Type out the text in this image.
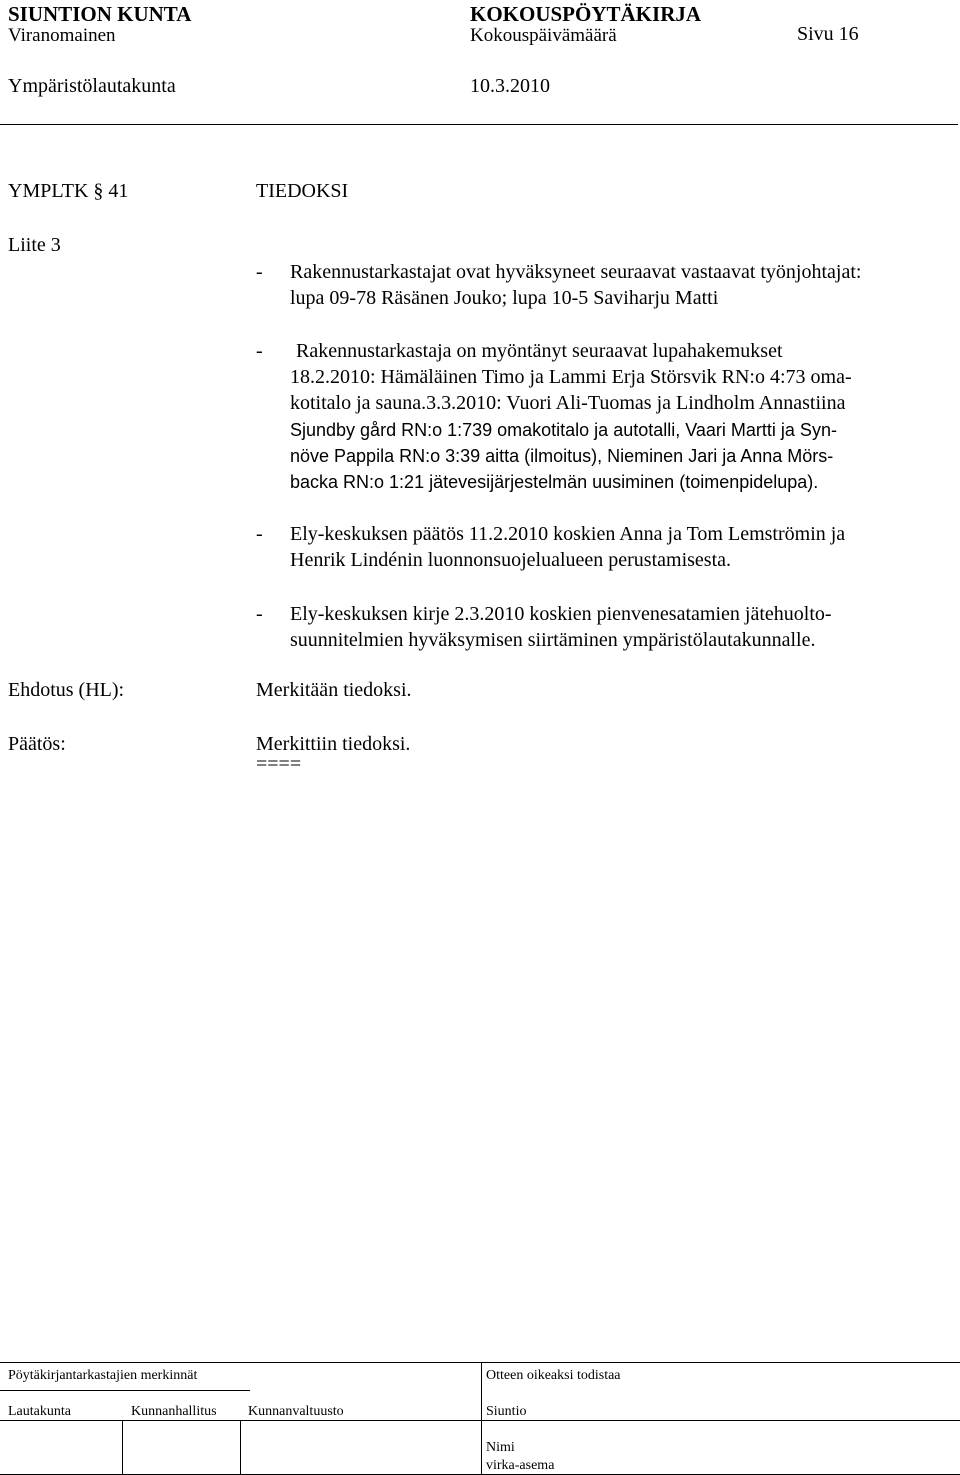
SIUNTION KUNTA	KOKOUSPÖYTÄKIRJA
Viranomainen	Kokouspäivämäärä	Sivu 16
Ympäristölautakunta	10.3.2010
YMPLTK § 41	TIEDOKSI
Liite 3
- Rakennustarkastajat ovat hyväksyneet seuraavat vastaavat työnjohtajat:
lupa 09-78 Räsänen Jouko; lupa 10-5 Saviharju Matti
- Rakennustarkastaja on myöntänyt seuraavat lupahakemukset
18.2.2010: Hämäläinen Timo ja Lammi Erja Störsvik RN:o 4:73 oma-
kotitalo ja sauna.3.3.2010: Vuori Ali-Tuomas ja Lindholm Annastiina
Sjundby gård RN:o 1:739 omakotitalo ja autotalli, Vaari Martti ja Syn-
növe Pappila RN:o 3:39 aitta (ilmoitus), Nieminen Jari ja Anna Mörs-
backa RN:o 1:21 jätevesijärjestelmän uusiminen (toimenpidelupa).
- Ely-keskuksen päätös 11.2.2010 koskien Anna ja Tom Lemströmin ja
Henrik Lindénin luonnonsuojelualueen perustamisesta.
- Ely-keskuksen kirje 2.3.2010 koskien pienvenesatamien jätehuolto-
suunnitelmien hyväksymisen siirtäminen ympäristölautakunnalle.
Ehdotus (HL):	Merkitään tiedoksi.
Päätös:	Merkittiin tiedoksi.
====
Pöytäkirjantarkastajien merkinnät	Otteen oikeaksi todistaa
Lautakunta	Kunnanhallitus Kunnanvaltuusto	Siuntio
Nimi
virka-asema
